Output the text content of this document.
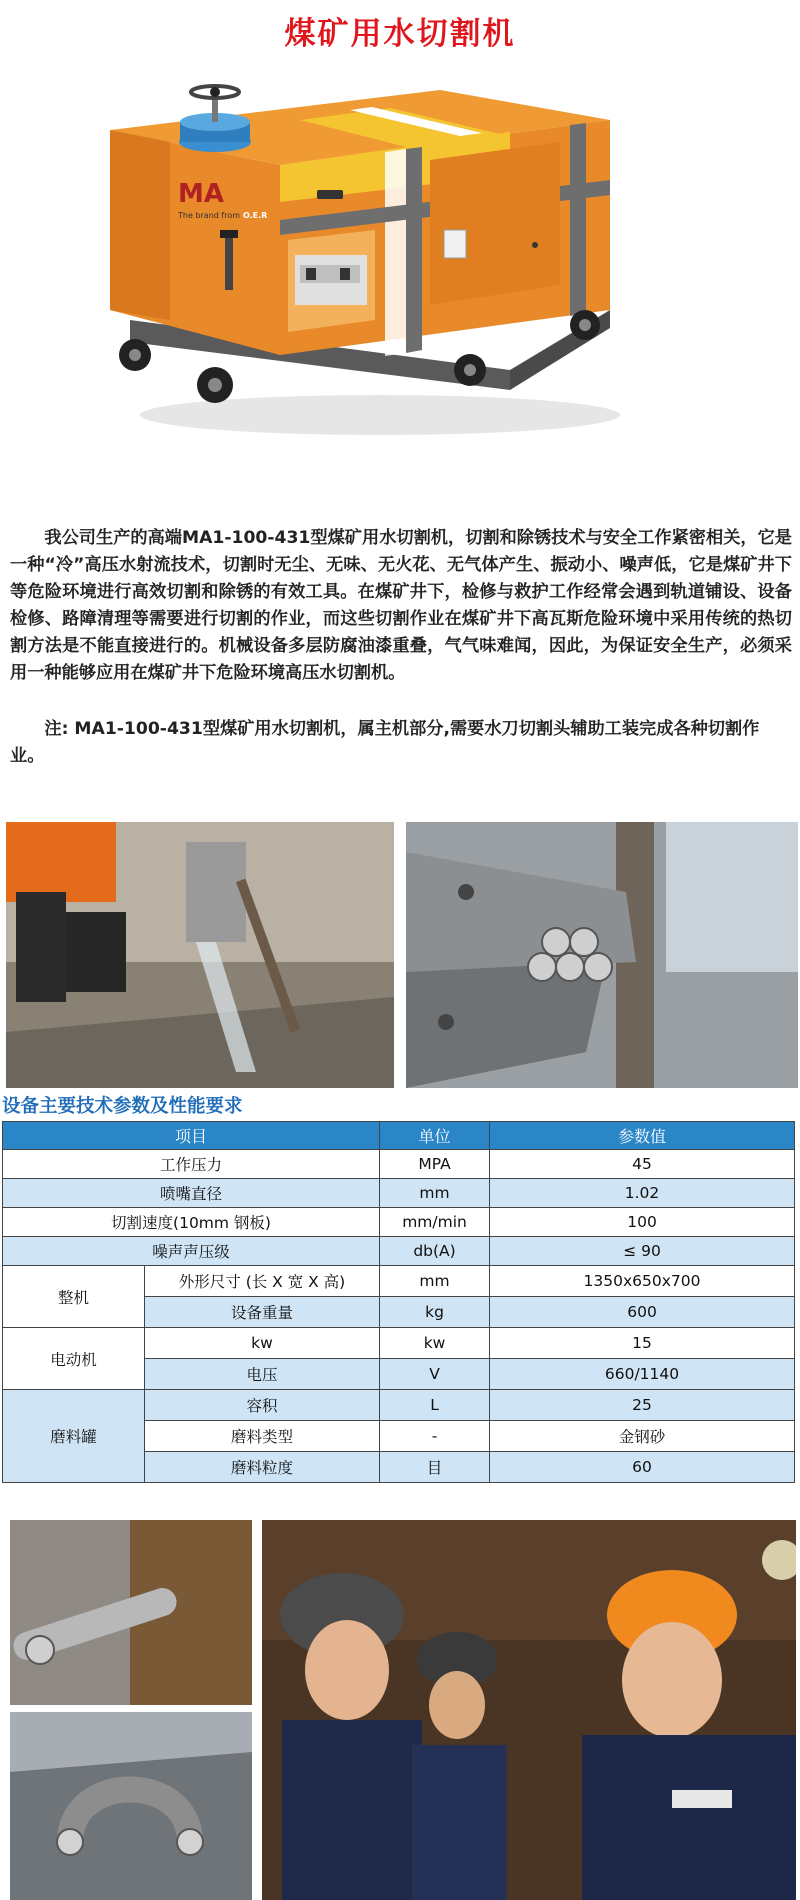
煤矿用水切割机
MA
The brand from O.E.R

我公司生产的高端MA1-100-431型煤矿用水切割机，切割和除锈技术与安全工作紧密相关，它是一种“冷”高压水射流技术，切割时无尘、无味、无火花、无气体产生、振动小、噪声低，它是煤矿井下等危险环境进行高效切割和除锈的有效工具。在煤矿井下，检修与救护工作经常会遇到轨道铺设、设备检修、路障清理等需要进行切割的作业，而这些切割作业在煤矿井下高瓦斯危险环境中采用传统的热切割方法是不能直接进行的。机械设备多层防腐油漆重叠，气气味难闻，因此，为保证安全生产，必须采用一种能够应用在煤矿井下危险环境高压水切割机。

注: MA1-100-431型煤矿用水切割机，属主机部分,需要水刀切割头辅助工装完成各种切割作业。

设备主要技术参数及性能要求
项目		单位	参数值
工作压力		MPA	45
喷嘴直径		mm	1.02
切割速度(10mm 钢板)		mm/min	100
噪声声压级		db(A)	≤ 90
整机	外形尺寸 (长 X 宽 X 高)	mm	1350x650x700
	设备重量	kg	600
电动机	kw	kw	15
	电压	V	660/1140
磨料罐	容积	L	25
	磨料类型	-	金钢砂
	磨料粒度	目	60
